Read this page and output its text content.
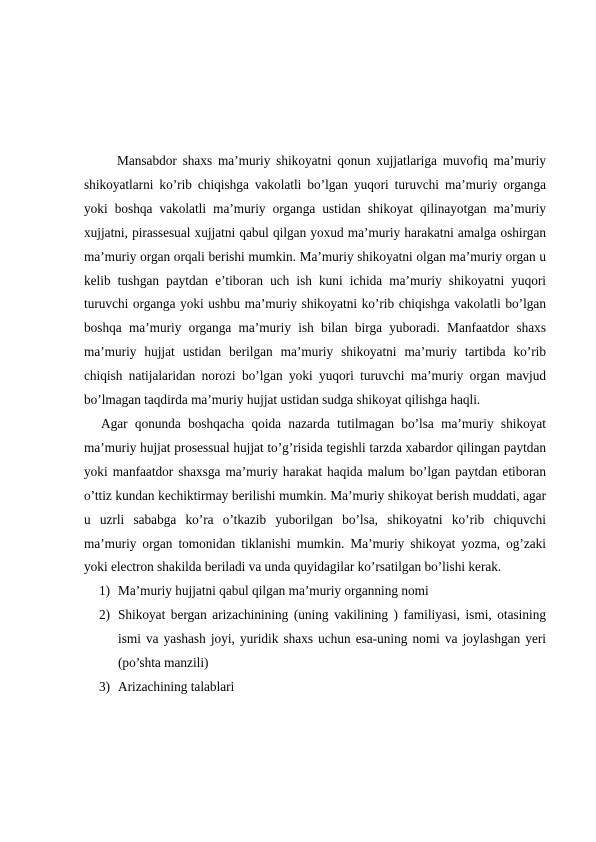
Mansabdor shaxs ma’muriy shikoyatni qonun xujjatlariga muvofiq ma’muriy shikoyatlarni ko’rib chiqishga vakolatli bo’lgan yuqori turuvchi ma’muriy organga yoki boshqa vakolatli ma’muriy organga ustidan shikoyat qilinayotgan ma’muriy xujjatni, pirassesual xujjatni qabul qilgan yoxud ma’muriy harakatni amalga oshirgan ma’muriy organ orqali berishi mumkin. Ma’muriy shikoyatni olgan ma’muriy organ u kelib tushgan paytdan e’tiboran uch ish kuni ichida ma’muriy shikoyatni yuqori turuvchi organga yoki ushbu ma’muriy shikoyatni ko’rib chiqishga vakolatli bo’lgan boshqa ma’muriy organga ma’muriy ish bilan birga yuboradi. Manfaatdor shaxs ma’muriy hujjat ustidan berilgan ma’muriy shikoyatni ma’muriy tartibda ko’rib chiqish natijalaridan norozi bo’lgan yoki yuqori turuvchi ma’muriy organ mavjud bo’lmagan taqdirda ma’muriy hujjat ustidan sudga shikoyat qilishga haqli.

Agar qonunda boshqacha qoida nazarda tutilmagan bo’lsa ma’muriy shikoyat ma’muriy hujjat prosessual hujjat to’g’risida tegishli tarzda xabardor qilingan paytdan yoki manfaatdor shaxsga ma’muriy harakat haqida malum bo’lgan paytdan etiboran o’ttiz kundan kechiktirmay berilishi mumkin. Ma’muriy shikoyat berish muddati, agar u uzrli sababga ko’ra o’tkazib yuborilgan bo’lsa, shikoyatni ko’rib chiquvchi ma’muriy organ tomonidan tiklanishi mumkin. Ma’muriy shikoyat yozma, og’zaki yoki electron shakilda beriladi va unda quyidagilar ko’rsatilgan bo’lishi kerak.

1) Ma’muriy hujjatni qabul qilgan ma’muriy organning nomi
2) Shikoyat bergan arizachinining (uning vakilining ) familiyasi, ismi, otasining ismi va yashash joyi, yuridik shaxs uchun esa-uning nomi va joylashgan yeri (po’shta manzili)
3) Arizachining talablari
